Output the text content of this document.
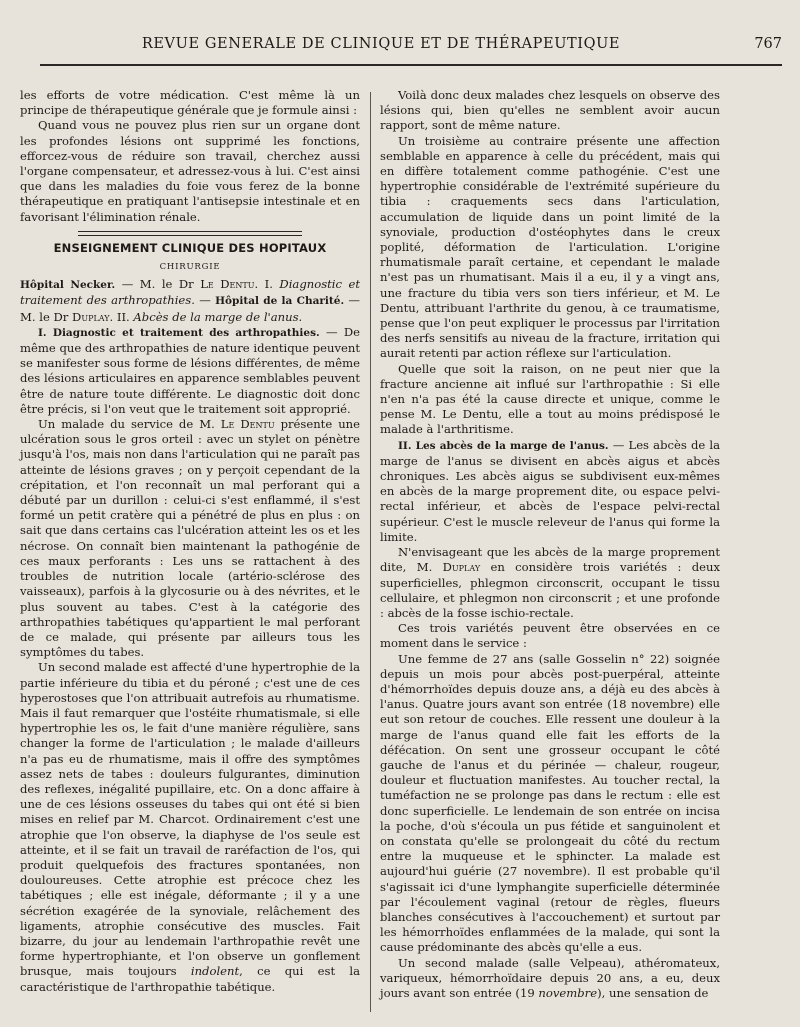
REVUE GENERALE DE CLINIQUE ET DE THÉRAPEUTIQUE	767

les efforts de votre médication. C'est même là un principe de thérapeutique générale que je formule ainsi :

Quand vous ne pouvez plus rien sur un organe dont les profondes lésions ont supprimé les fonctions, efforcez-vous de réduire son travail, cherchez aussi l'organe compensateur, et adressez-vous à lui. C'est ainsi que dans les maladies du foie vous ferez de la bonne thérapeutique en pratiquant l'antisepsie intestinale et en favorisant l'élimination rénale.

ENSEIGNEMENT CLINIQUE DES HOPITAUX
CHIRURGIE

Hôpital Necker. — M. le Dr Le Dentu. I. Diagnostic et traitement des arthropathies. — Hôpital de la Charité. — M. le Dr Duplay. II. Abcès de la marge de l'anus.

I. Diagnostic et traitement des arthropathies. — De même que des arthropathies de nature identique peuvent se manifester sous forme de lésions différentes, de même des lésions articulaires en apparence semblables peuvent être de nature toute différente. Le diagnostic doit donc être précis, si l'on veut que le traitement soit approprié.

Un malade du service de M. Le Dentu présente une ulcération sous le gros orteil : avec un stylet on pénètre jusqu'à l'os, mais non dans l'articulation qui ne paraît pas atteinte de lésions graves ; on y perçoit cependant de la crépitation, et l'on reconnaît un mal perforant qui a débuté par un durillon : celui-ci s'est enflammé, il s'est formé un petit cratère qui a pénétré de plus en plus : on sait que dans certains cas l'ulcération atteint les os et les nécrose. On connaît bien maintenant la pathogénie de ces maux perforants : Les uns se rattachent à des troubles de nutrition locale (artério-sclérose des vaisseaux), parfois à la glycosurie ou à des névrites, et le plus souvent au tabes. C'est à la catégorie des arthropathies tabétiques qu'appartient le mal perforant de ce malade, qui présente par ailleurs tous les symptômes du tabes.

Un second malade est affecté d'une hypertrophie de la partie inférieure du tibia et du péroné ; c'est une de ces hyperostoses que l'on attribuait autrefois au rhumatisme. Mais il faut remarquer que l'ostéite rhumatismale, si elle hypertrophie les os, le fait d'une manière régulière, sans changer la forme de l'articulation ; le malade d'ailleurs n'a pas eu de rhumatisme, mais il offre des symptômes assez nets de tabes : douleurs fulgurantes, diminution des reflexes, inégalité pupillaire, etc. On a donc affaire à une de ces lésions osseuses du tabes qui ont été si bien mises en relief par M. Charcot. Ordinairement c'est une atrophie que l'on observe, la diaphyse de l'os seule est atteinte, et il se fait un travail de raréfaction de l'os, qui produit quelquefois des fractures spontanées, non douloureuses. Cette atrophie est précoce chez les tabétiques ; elle est inégale, déformante ; il y a une sécrétion exagérée de la synoviale, relâchement des ligaments, atrophie consécutive des muscles. Fait bizarre, du jour au lendemain l'arthropathie revêt une forme hypertrophiante, et l'on observe un gonflement brusque, mais toujours indolent, ce qui est la caractéristique de l'arthropathie tabétique.

Voilà donc deux malades chez lesquels on observe des lésions qui, bien qu'elles ne semblent avoir aucun rapport, sont de même nature.

Un troisième au contraire présente une affection semblable en apparence à celle du précédent, mais qui en diffère totalement comme pathogénie. C'est une hypertrophie considérable de l'extrémité supérieure du tibia : craquements secs dans l'articulation, accumulation de liquide dans un point limité de la synoviale, production d'ostéophytes dans le creux poplité, déformation de l'articulation. L'origine rhumatismale paraît certaine, et cependant le malade n'est pas un rhumatisant. Mais il a eu, il y a vingt ans, une fracture du tibia vers son tiers inférieur, et M. Le Dentu, attribuant l'arthrite du genou, à ce traumatisme, pense que l'on peut expliquer le processus par l'irritation des nerfs sensitifs au niveau de la fracture, irritation qui aurait retenti par action réflexe sur l'articulation.

Quelle que soit la raison, on ne peut nier que la fracture ancienne ait influé sur l'arthropathie : Si elle n'en n'a pas été la cause directe et unique, comme le pense M. Le Dentu, elle a tout au moins prédisposé le malade à l'arthritisme.

II. Les abcès de la marge de l'anus. — Les abcès de la marge de l'anus se divisent en abcès aigus et abcès chroniques. Les abcès aigus se subdivisent eux-mêmes en abcès de la marge proprement dite, ou espace pelvi-rectal inférieur, et abcès de l'espace pelvi-rectal supérieur. C'est le muscle releveur de l'anus qui forme la limite.

N'envisageant que les abcès de la marge proprement dite, M. Duplay en considère trois variétés : deux superficielles, phlegmon circonscrit, occupant le tissu cellulaire, et phlegmon non circonscrit ; et une profonde : abcès de la fosse ischio-rectale.

Ces trois variétés peuvent être observées en ce moment dans le service :

Une femme de 27 ans (salle Gosselin n° 22) soignée depuis un mois pour abcès post-puerpéral, atteinte d'hémorrhoïdes depuis douze ans, a déjà eu des abcès à l'anus. Quatre jours avant son entrée (18 novembre) elle eut son retour de couches. Elle ressent une douleur à la marge de l'anus quand elle fait les efforts de la défécation. On sent une grosseur occupant le côté gauche de l'anus et du périnée — chaleur, rougeur, douleur et fluctuation manifestes. Au toucher rectal, la tuméfaction ne se prolonge pas dans le rectum : elle est donc superficielle. Le lendemain de son entrée on incisa la poche, d'où s'écoula un pus fétide et sanguinolent et on constata qu'elle se prolongeait du côté du rectum entre la muqueuse et le sphincter. La malade est aujourd'hui guérie (27 novembre). Il est probable qu'il s'agissait ici d'une lymphangite superficielle déterminée par l'écoulement vaginal (retour de règles, flueurs blanches consécutives à l'accouchement) et surtout par les hémorrhoïdes enflammées de la malade, qui sont la cause prédominante des abcès qu'elle a eus.

Un second malade (salle Velpeau), athéromateux, variqueux, hémorrhoïdaire depuis 20 ans, a eu, deux jours avant son entrée (19 novembre), une sensation de
